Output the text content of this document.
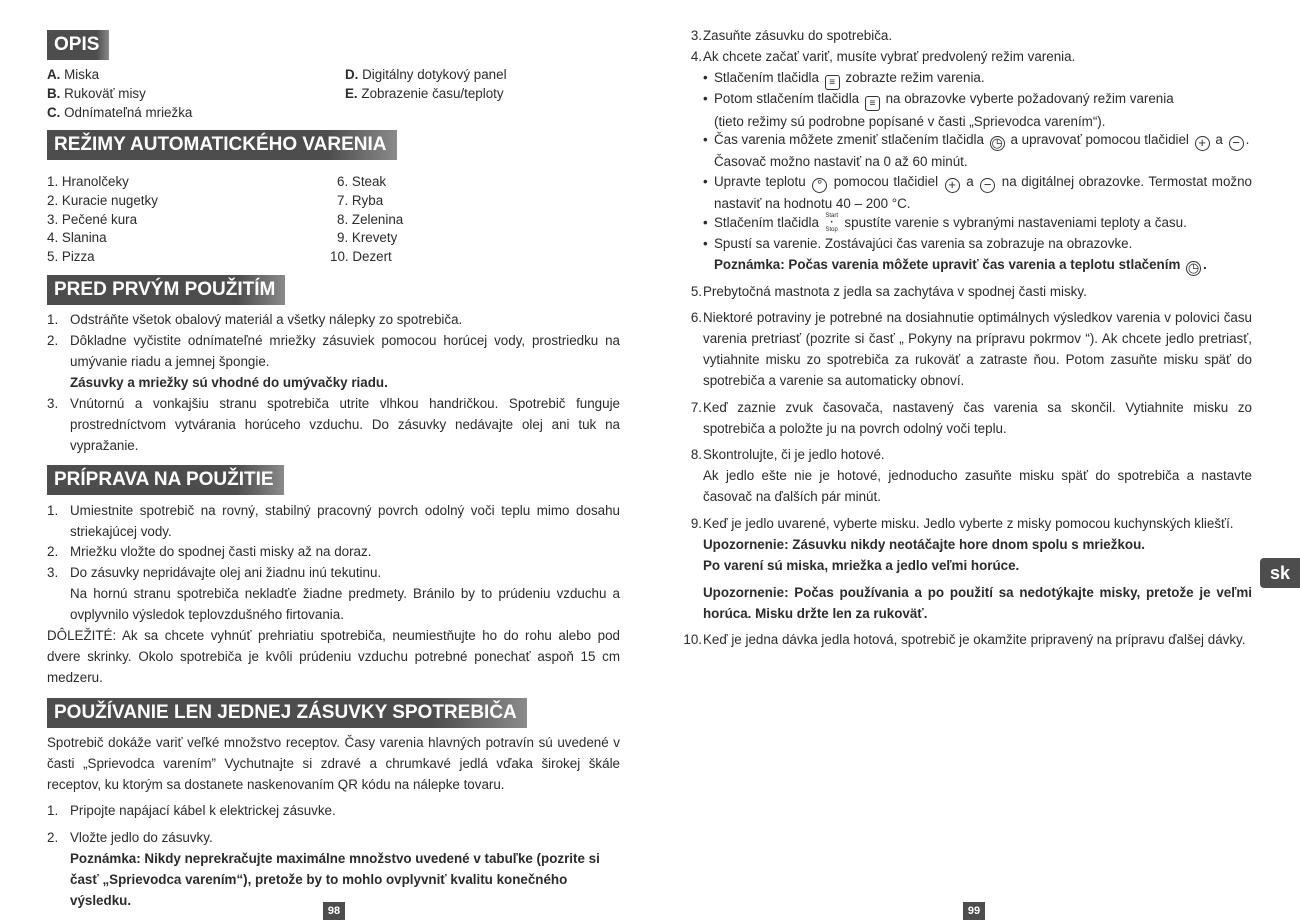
OPIS
A. Miska
B. Rukoväť misy
C. Odnímateľná mriežka
D. Digitálny dotykový panel
E. Zobrazenie času/teploty
REŽIMY AUTOMATICKÉHO VARENIA
1. Hranolčeky
2. Kuracie nugetky
3. Pečené kura
4. Slanina
5. Pizza
6. Steak
7. Ryba
8. Zelenina
9. Krevety
10. Dezert
PRED PRVÝM POUŽITÍM
1. Odstráňte všetok obalový materiál a všetky nálepky zo spotrebiča.
2. Dôkladne vyčistite odnímateľné mriežky zásuviek pomocou horúcej vody, prostriedku na umývanie riadu a jemnej špongie.
Zásuvky a mriežky sú vhodné do umývačky riadu.
3. Vnútornú a vonkajšiu stranu spotrebiča utrite vlhkou handričkou. Spotrebič funguje prostredníctvom vytvárania horúceho vzduchu. Do zásuvky nedávajte olej ani tuk na vypražanie.
PRÍPRAVA NA POUŽITIE
1. Umiestnite spotrebič na rovný, stabilný pracovný povrch odolný voči teplu mimo dosahu striekajúcej vody.
2. Mriežku vložte do spodnej časti misky až na doraz.
3. Do zásuvky nepridávajte olej ani žiadnu inú tekutinu.
Na hornú stranu spotrebiča nekladťe žiadne predmety. Bránilo by to prúdeniu vzduchu a ovplyvnilo výsledok teplovzdušného firtovania.
DÔLEŽITÉ: Ak sa chcete vyhnúť prehriatiu spotrebiča, neumiestňujte ho do rohu alebo pod dvere skrinky. Okolo spotrebiča je kvôli prúdeniu vzduchu potrebné ponechať aspoň 15 cm medzeru.
POUŽÍVANIE LEN JEDNEJ ZÁSUVKY SPOTREBIČA
Spotrebič dokáže variť veľké množstvo receptov. Časy varenia hlavných potravín sú uvedené v časti „Sprievodca varením” Vychutnajte si zdravé a chrumkavé jedlá vďaka širokej škále receptov, ku ktorým sa dostanete naskenovaním QR kódu na nálepke tovaru.
1. Pripojte napájací kábel k elektrickej zásuvke.
2. Vložte jedlo do zásuvky.
Poznámka: Nikdy neprekračujte maximálne množstvo uvedené v tabuľke (pozrite si časť „Sprievodca varením“), pretože by to mohlo ovplyvniť kvalitu konečného výsledku.
98
3. Zasuňte zásuvku do spotrebiča.
4. Ak chcete začať variť, musíte vybrať predvolený režim varenia.
• Stlačením tlačidla ≡ zobrazte režim varenia.
• Potom stlačením tlačidla ≡ na obrazovke vyberte požadovaný režim varenia
(tieto režimy sú podrobne popísané v časti „Sprievodca varením“).
• Čas varenia môžete zmeniť stlačením tlačidla ◷ a upravovať pomocou tlačidiel + a − .
Časovač možno nastaviť na 0 až 60 minút.
• Upravte teplotu ° pomocou tlačidiel + a − na digitálnej obrazovke. Termostat možno nastaviť na hodnotu 40 – 200 °C.
• Stlačením tlačidla Start
•
Stop spustíte varenie s vybranými nastaveniami teploty a času.
• Spustí sa varenie. Zostávajúci čas varenia sa zobrazuje na obrazovke.
Poznámka: Počas varenia môžete upraviť čas varenia a teplotu stlačením ◷ .
5. Prebytočná mastnota z jedla sa zachytáva v spodnej časti misky.
6. Niektoré potraviny je potrebné na dosiahnutie optimálnych výsledkov varenia v polovici času varenia pretriasť (pozrite si časť „ Pokyny na prípravu pokrmov “). Ak chcete jedlo pretriasť, vytiahnite misku zo spotrebiča za rukoväť a zatraste ňou. Potom zasuňte misku späť do spotrebiča a varenie sa automaticky obnoví.
7. Keď zaznie zvuk časovača, nastavený čas varenia sa skončil. Vytiahnite misku zo spotrebiča a položte ju na povrch odolný voči teplu.
8. Skontrolujte, či je jedlo hotové.
Ak jedlo ešte nie je hotové, jednoducho zasuňte misku späť do spotrebiča a nastavte časovač na ďalších pár minút.
9. Keď je jedlo uvarené, vyberte misku. Jedlo vyberte z misky pomocou kuchynských kliešťí.
Upozornenie: Zásuvku nikdy neotáčajte hore dnom spolu s mriežkou.
Po varení sú miska, mriežka a jedlo veľmi horúce.
Upozornenie: Počas používania a po použití sa nedotýkajte misky, pretože je veľmi horúca. Misku držte len za rukoväť.
10. Keď je jedna dávka jedla hotová, spotrebič je okamžite pripravený na prípravu ďalšej dávky.
sk
99
